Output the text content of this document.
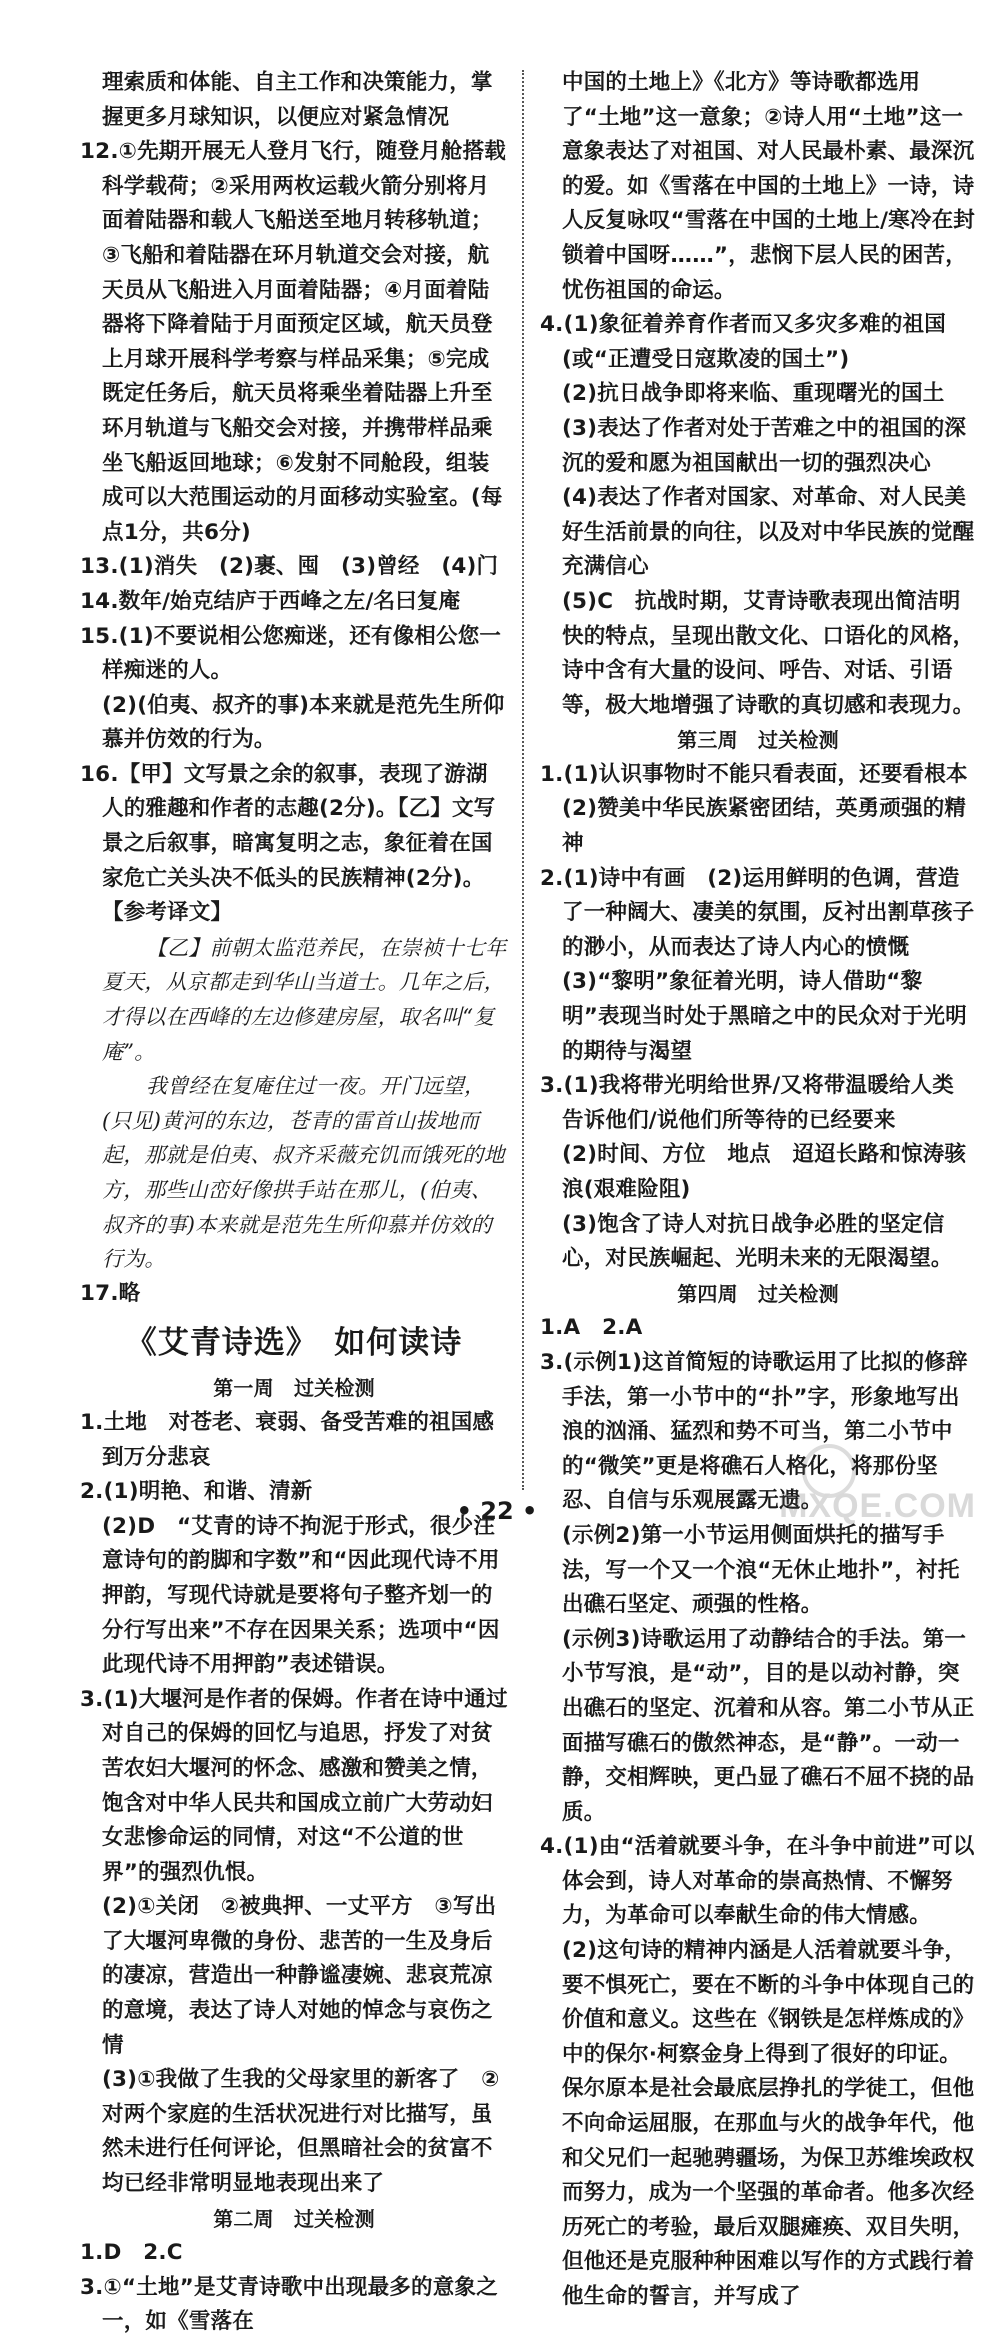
理索质和体能、自主工作和决策能力，掌握更多月球知识，以便应对紧急情况
12.①先期开展无人登月飞行，随登月舱搭载科学载荷；②采用两枚运载火箭分别将月面着陆器和载人飞船送至地月转移轨道；③飞船和着陆器在环月轨道交会对接，航天员从飞船进入月面着陆器；④月面着陆器将下降着陆于月面预定区域，航天员登上月球开展科学考察与样品采集；⑤完成既定任务后，航天员将乘坐着陆器上升至环月轨道与飞船交会对接，并携带样品乘坐飞船返回地球；⑥发射不同舱段，组装成可以大范围运动的月面移动实验室。(每点1分，共6分)
13.(1)消失　(2)裹、囤　(3)曾经　(4)门
14.数年/始克结庐于西峰之左/名曰复庵
15.(1)不要说相公您痴迷，还有像相公您一样痴迷的人。
(2)(伯夷、叔齐的事)本来就是范先生所仰慕并仿效的行为。
16.【甲】文写景之余的叙事，表现了游湖人的雅趣和作者的志趣(2分)。【乙】文写景之后叙事，暗寓复明之志，象征着在国家危亡关头决不低头的民族精神(2分)。
【参考译文】
【乙】前朝太监范养民，在崇祯十七年夏天，从京都走到华山当道士。几年之后，才得以在西峰的左边修建房屋，取名叫“复庵”。
我曾经在复庵住过一夜。开门远望，(只见)黄河的东边，苍青的雷首山拔地而起，那就是伯夷、叔齐采薇充饥而饿死的地方，那些山峦好像拱手站在那儿，(伯夷、叔齐的事)本来就是范先生所仰慕并仿效的行为。
17.略
《艾青诗选》　如何读诗
第一周　过关检测
1.土地　对苍老、衰弱、备受苦难的祖国感到万分悲哀
2.(1)明艳、和谐、清新
(2)D　“艾青的诗不拘泥于形式，很少注意诗句的韵脚和字数”和“因此现代诗不用押韵，写现代诗就是要将句子整齐划一的分行写出来”不存在因果关系；选项中“因此现代诗不用押韵”表述错误。
3.(1)大堰河是作者的保姆。作者在诗中通过对自己的保姆的回忆与追思，抒发了对贫苦农妇大堰河的怀念、感激和赞美之情，饱含对中华人民共和国成立前广大劳动妇女悲惨命运的同情，对这“不公道的世界”的强烈仇恨。
(2)①关闭　②被典押、一丈平方　③写出了大堰河卑微的身份、悲苦的一生及身后的凄凉，营造出一种静谧凄婉、悲哀荒凉的意境，表达了诗人对她的悼念与哀伤之情
(3)①我做了生我的父母家里的新客了　②对两个家庭的生活状况进行对比描写，虽然未进行任何评论，但黑暗社会的贫富不均已经非常明显地表现出来了
第二周　过关检测
1.D　2.C
3.①“土地”是艾青诗歌中出现最多的意象之一，如《雪落在
中国的土地上》《北方》等诗歌都选用了“土地”这一意象；②诗人用“土地”这一意象表达了对祖国、对人民最朴素、最深沉的爱。如《雪落在中国的土地上》一诗，诗人反复咏叹“雪落在中国的土地上/寒冷在封锁着中国呀……”，悲悯下层人民的困苦，忧伤祖国的命运。
4.(1)象征着养育作者而又多灾多难的祖国(或“正遭受日寇欺凌的国土”)
(2)抗日战争即将来临、重现曙光的国土
(3)表达了作者对处于苦难之中的祖国的深沉的爱和愿为祖国献出一切的强烈决心
(4)表达了作者对国家、对革命、对人民美好生活前景的向往，以及对中华民族的觉醒充满信心
(5)C　抗战时期，艾青诗歌表现出简洁明快的特点，呈现出散文化、口语化的风格，诗中含有大量的设问、呼告、对话、引语等，极大地增强了诗歌的真切感和表现力。
第三周　过关检测
1.(1)认识事物时不能只看表面，还要看根本　(2)赞美中华民族紧密团结，英勇顽强的精神
2.(1)诗中有画　(2)运用鲜明的色调，营造了一种阔大、凄美的氛围，反衬出割草孩子的渺小，从而表达了诗人内心的愤慨　(3)“黎明”象征着光明，诗人借助“黎明”表现当时处于黑暗之中的民众对于光明的期待与渴望
3.(1)我将带光明给世界/又将带温暖给人类　告诉他们/说他们所等待的已经要来
(2)时间、方位　地点　迢迢长路和惊涛骇浪(艰难险阻)
(3)饱含了诗人对抗日战争必胜的坚定信心，对民族崛起、光明未来的无限渴望。
第四周　过关检测
1.A　2.A
3.(示例1)这首简短的诗歌运用了比拟的修辞手法，第一小节中的“扑”字，形象地写出浪的汹涌、猛烈和势不可当，第二小节中的“微笑”更是将礁石人格化，将那份坚忍、自信与乐观展露无遗。
(示例2)第一小节运用侧面烘托的描写手法，写一个又一个浪“无休止地扑”，衬托出礁石坚定、顽强的性格。
(示例3)诗歌运用了动静结合的手法。第一小节写浪，是“动”，目的是以动衬静，突出礁石的坚定、沉着和从容。第二小节从正面描写礁石的傲然神态，是“静”。一动一静，交相辉映，更凸显了礁石不屈不挠的品质。
4.(1)由“活着就要斗争，在斗争中前进”可以体会到，诗人对革命的崇高热情、不懈努力，为革命可以奉献生命的伟大情感。
(2)这句诗的精神内涵是人活着就要斗争，要不惧死亡，要在不断的斗争中体现自己的价值和意义。这些在《钢铁是怎样炼成的》中的保尔·柯察金身上得到了很好的印证。保尔原本是社会最底层挣扎的学徒工，但他不向命运屈服，在那血与火的战争年代，他和父兄们一起驰骋疆场，为保卫苏维埃政权而努力，成为一个坚强的革命者。他多次经历死亡的考验，最后双腿瘫痪、双目失明，但他还是克服种种困难以写作的方式践行着他生命的誓言，并写成了
• 22 •	MXQE.COM
